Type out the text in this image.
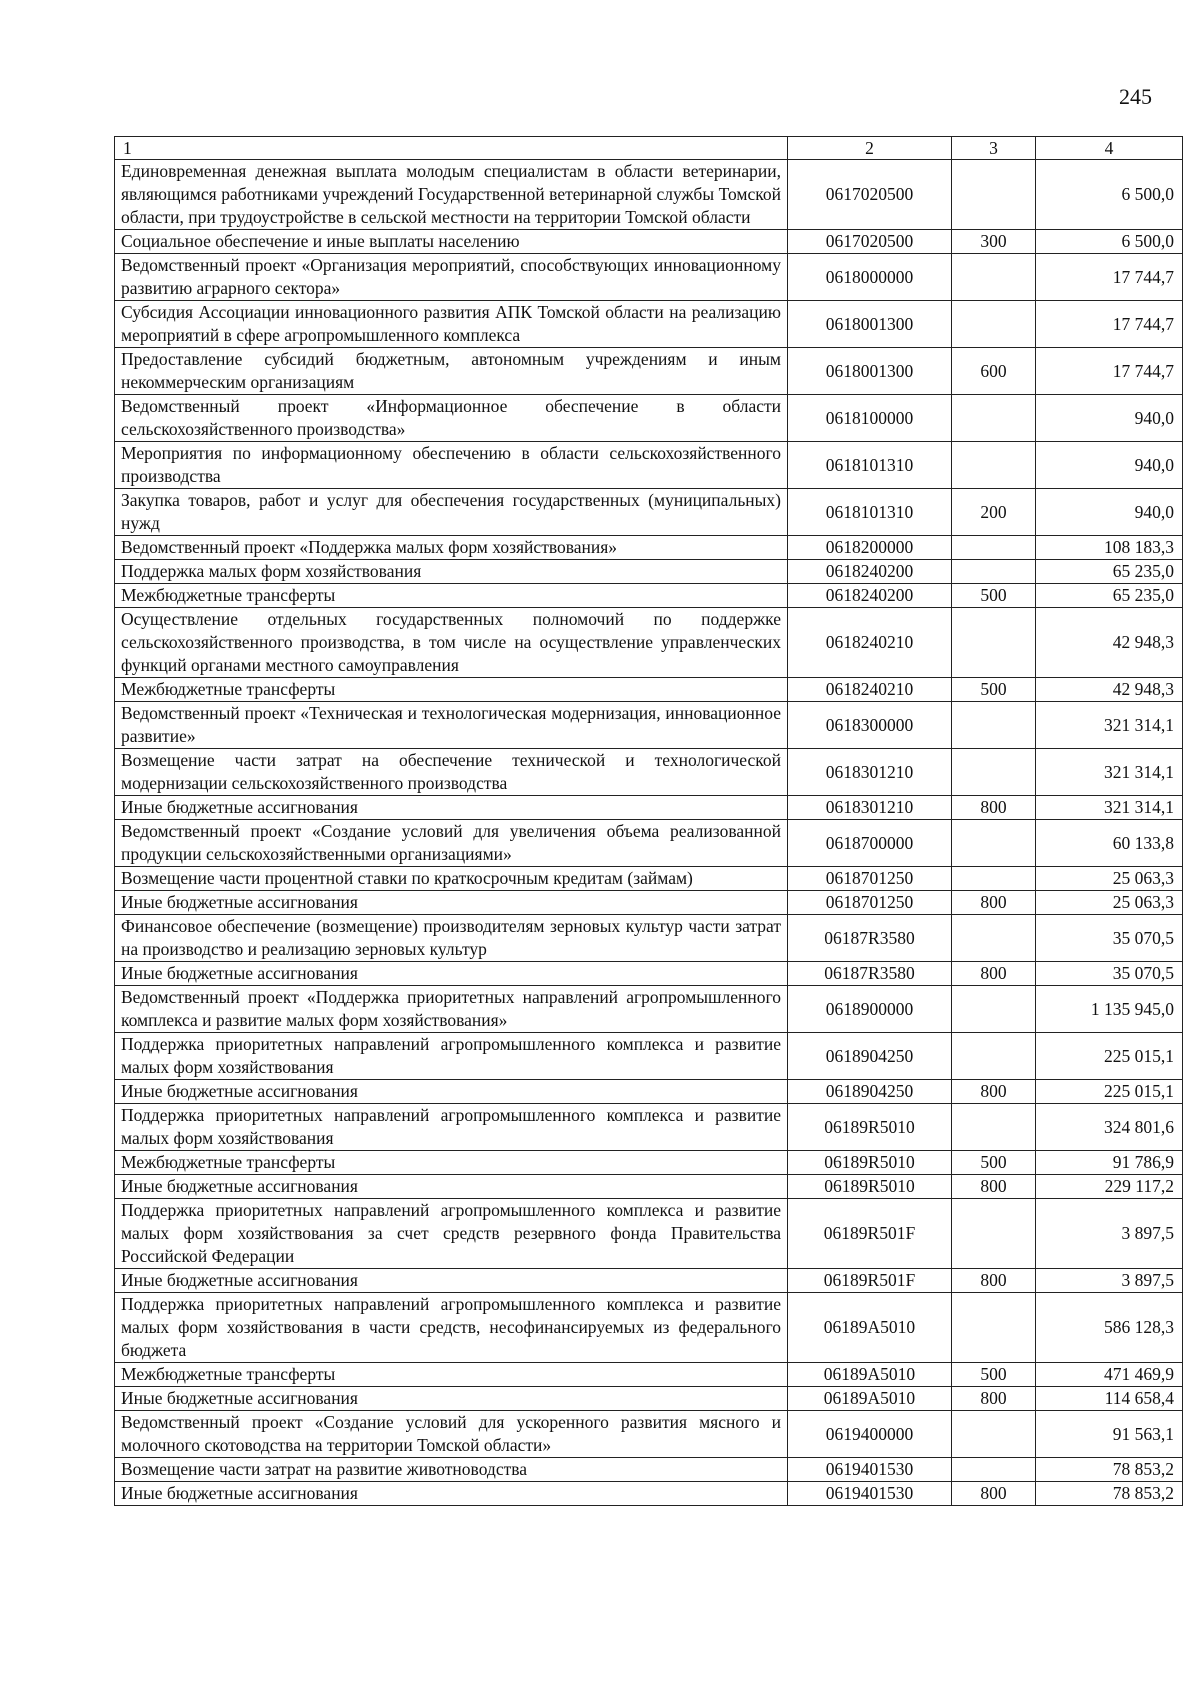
245
1	2	3	4
Единовременная денежная выплата молодым специалистам в области ветеринарии, являющимся работниками учреждений Государственной ветеринарной службы Томской области, при трудоустройстве в сельской местности на территории Томской области	0617020500		6 500,0
Социальное обеспечение и иные выплаты населению	0617020500	300	6 500,0
Ведомственный проект «Организация мероприятий, способствующих инновационному развитию аграрного сектора»	0618000000		17 744,7
Субсидия Ассоциации инновационного развития АПК Томской области на реализацию мероприятий в сфере агропромышленного комплекса	0618001300		17 744,7
Предоставление субсидий бюджетным, автономным учреждениям и иным некоммерческим организациям	0618001300	600	17 744,7
Ведомственный проект «Информационное обеспечение в области сельскохозяйственного производства»	0618100000		940,0
Мероприятия по информационному обеспечению в области сельскохозяйственного производства	0618101310		940,0
Закупка товаров, работ и услуг для обеспечения государственных (муниципальных) нужд	0618101310	200	940,0
Ведомственный проект «Поддержка малых форм хозяйствования»	0618200000		108 183,3
Поддержка малых форм хозяйствования	0618240200		65 235,0
Межбюджетные трансферты	0618240200	500	65 235,0
Осуществление отдельных государственных полномочий по поддержке сельскохозяйственного производства, в том числе на осуществление управленческих функций органами местного самоуправления	0618240210		42 948,3
Межбюджетные трансферты	0618240210	500	42 948,3
Ведомственный проект «Техническая и технологическая модернизация, инновационное развитие»	0618300000		321 314,1
Возмещение части затрат на обеспечение технической и технологической модернизации сельскохозяйственного производства	0618301210		321 314,1
Иные бюджетные ассигнования	0618301210	800	321 314,1
Ведомственный проект «Создание условий для увеличения объема реализованной продукции сельскохозяйственными организациями»	0618700000		60 133,8
Возмещение части процентной ставки по краткосрочным кредитам (займам)	0618701250		25 063,3
Иные бюджетные ассигнования	0618701250	800	25 063,3
Финансовое обеспечение (возмещение) производителям зерновых культур части затрат на производство и реализацию зерновых культур	06187R3580		35 070,5
Иные бюджетные ассигнования	06187R3580	800	35 070,5
Ведомственный проект «Поддержка приоритетных направлений агропромышленного комплекса и развитие малых форм хозяйствования»	0618900000		1 135 945,0
Поддержка приоритетных направлений агропромышленного комплекса и развитие малых форм хозяйствования	0618904250		225 015,1
Иные бюджетные ассигнования	0618904250	800	225 015,1
Поддержка приоритетных направлений агропромышленного комплекса и развитие малых форм хозяйствования	06189R5010		324 801,6
Межбюджетные трансферты	06189R5010	500	91 786,9
Иные бюджетные ассигнования	06189R5010	800	229 117,2
Поддержка приоритетных направлений агропромышленного комплекса и развитие малых форм хозяйствования за счет средств резервного фонда Правительства Российской Федерации	06189R501F		3 897,5
Иные бюджетные ассигнования	06189R501F	800	3 897,5
Поддержка приоритетных направлений агропромышленного комплекса и развитие малых форм хозяйствования в части средств, несофинансируемых из федерального бюджета	06189A5010		586 128,3
Межбюджетные трансферты	06189A5010	500	471 469,9
Иные бюджетные ассигнования	06189A5010	800	114 658,4
Ведомственный проект «Создание условий для ускоренного развития мясного и молочного скотоводства на территории Томской области»	0619400000		91 563,1
Возмещение части затрат на развитие животноводства	0619401530		78 853,2
Иные бюджетные ассигнования	0619401530	800	78 853,2
